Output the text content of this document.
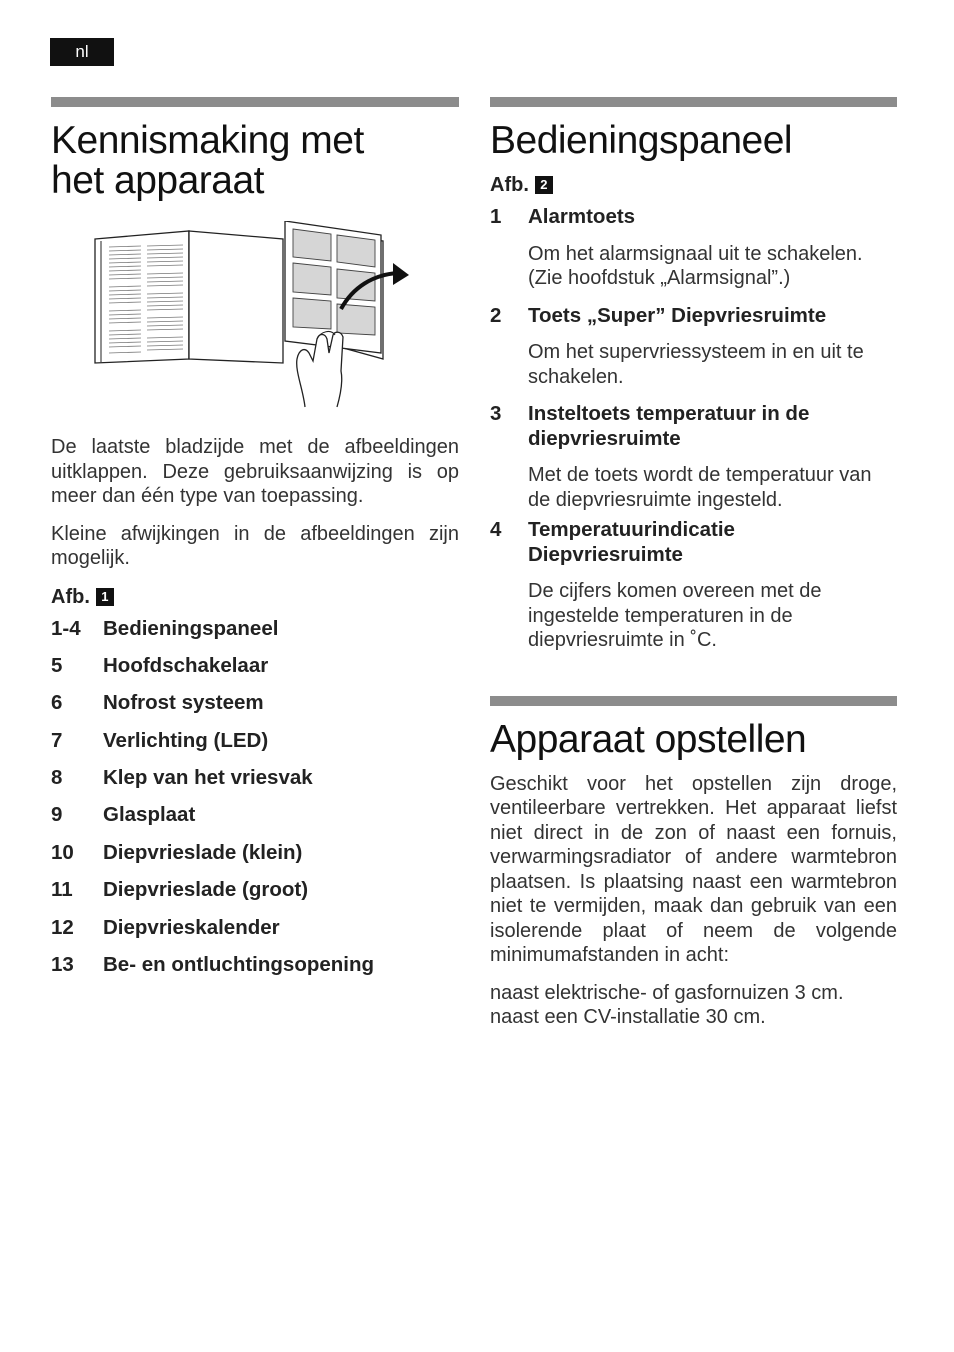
nl
Kennismaking met
het apparaat

De laatste bladzijde met de afbeeldingen uitklappen. Deze gebruiksaanwijzing is op meer dan één type van toepassing.

Kleine afwijkingen in de afbeeldingen zijn mogelijk.

Afb. 1
1-4	Bedieningspaneel
5	Hoofdschakelaar
6	Nofrost systeem
7	Verlichting (LED)
8	Klep van het vriesvak
9	Glasplaat
10	Diepvrieslade (klein)
11	Diepvrieslade (groot)
12	Diepvrieskalender
13	Be- en ontluchtingsopening
Bedieningspaneel
Afb. 2
1	Alarmtoets
Om het alarmsignaal uit te schakelen. (Zie hoofdstuk „Alarmsignal”.)
2	Toets „Super” Diepvriesruimte
Om het supervriessysteem in en uit te schakelen.
3	Insteltoets temperatuur in de
diepvriesruimte
Met de toets wordt de temperatuur van de diepvriesruimte ingesteld.
4	Temperatuurindicatie
Diepvriesruimte
De cijfers komen overeen met de ingestelde temperaturen in de diepvriesruimte in ˚C.
Apparaat opstellen

Geschikt voor het opstellen zijn droge, ventileerbare vertrekken. Het apparaat liefst niet direct in de zon of naast een fornuis, verwarmingsradiator of andere warmtebron plaatsen. Is plaatsing naast een warmtebron niet te vermijden, maak dan gebruik van een isolerende plaat of neem de volgende minimumafstanden in acht:

naast elektrische- of gasfornuizen 3 cm.

naast een CV-installatie 30 cm.
